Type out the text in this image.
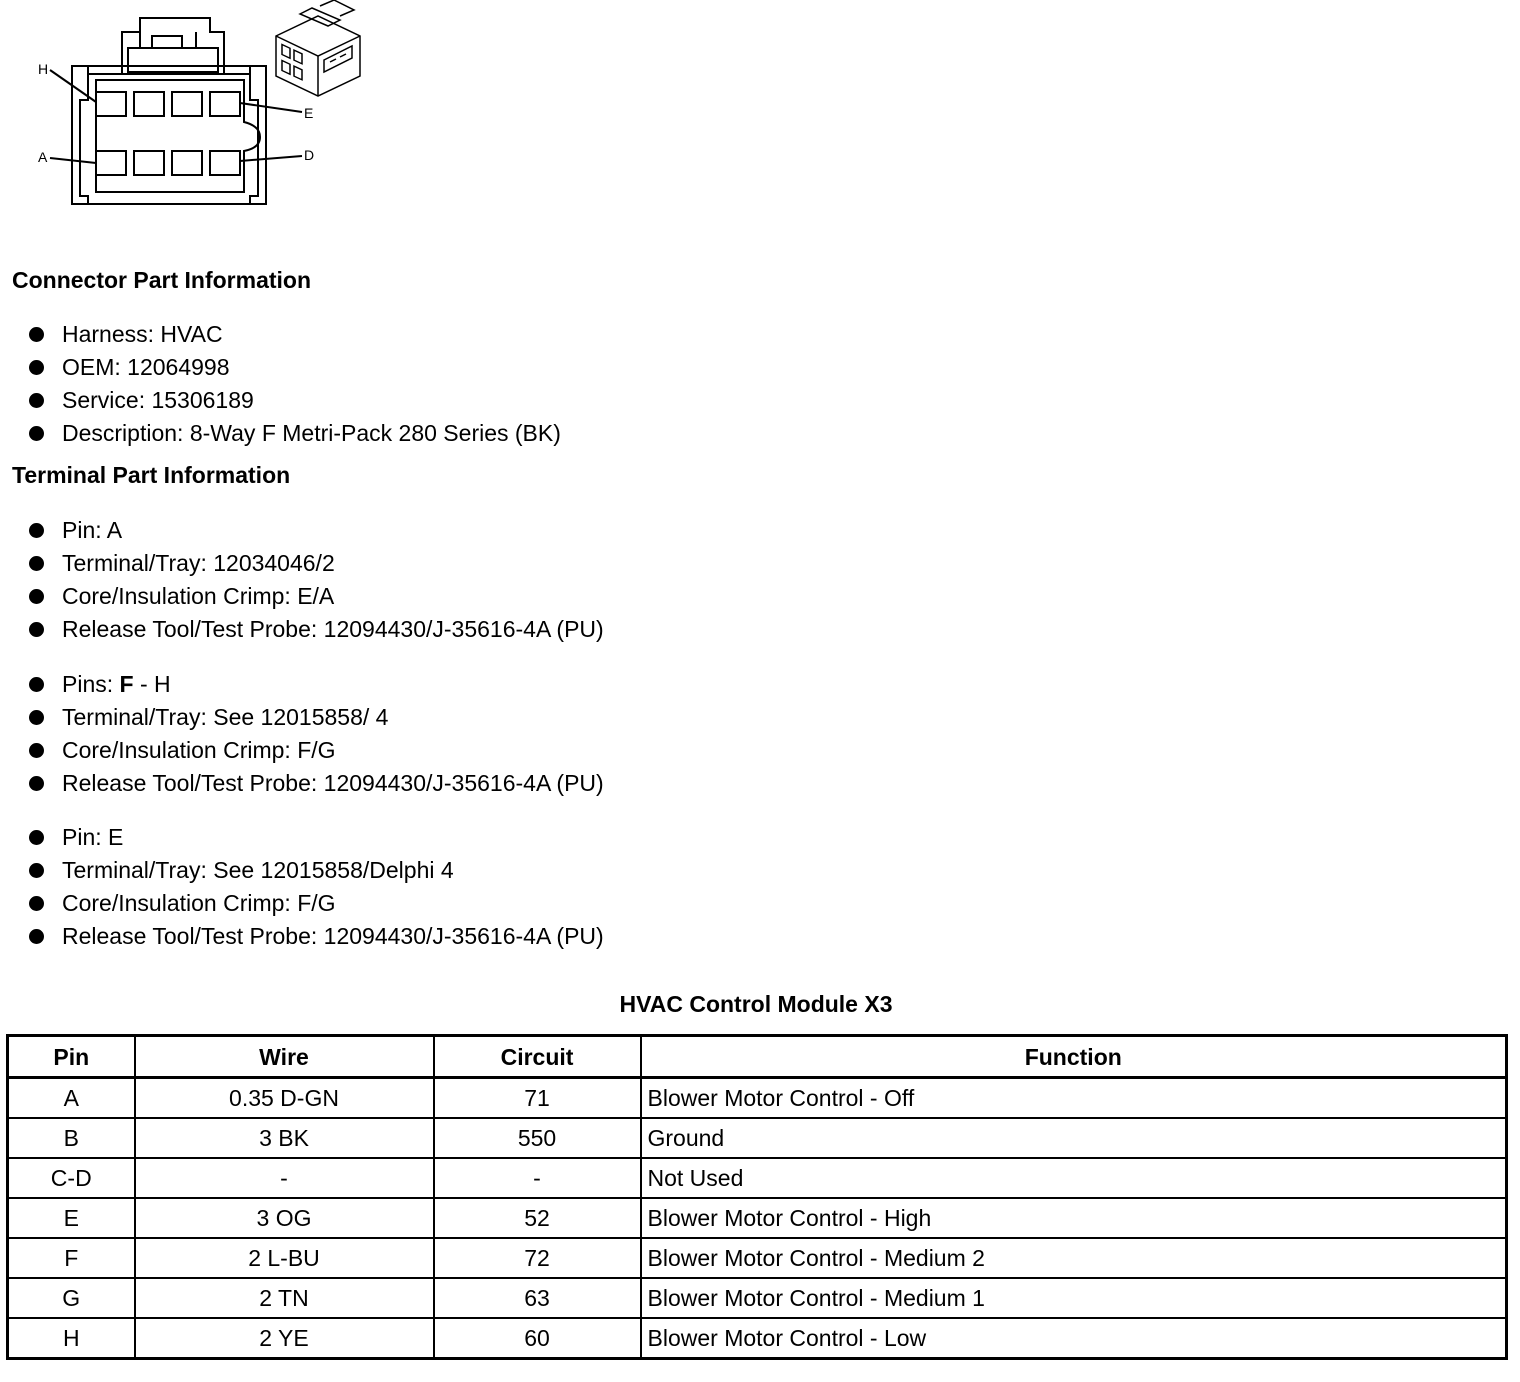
H
A
E
D
Connector Part Information
Harness: HVAC
OEM: 12064998
Service: 15306189
Description: 8-Way F Metri-Pack 280 Series (BK)
Terminal Part Information
Pin: A
Terminal/Tray: 12034046/2
Core/Insulation Crimp: E/A
Release Tool/Test Probe: 12094430/J-35616-4A (PU)
Pins: F - H
Terminal/Tray: See 12015858/ 4
Core/Insulation Crimp: F/G
Release Tool/Test Probe: 12094430/J-35616-4A (PU)
Pin: E
Terminal/Tray: See 12015858/Delphi 4
Core/Insulation Crimp: F/G
Release Tool/Test Probe: 12094430/J-35616-4A (PU)
HVAC Control Module X3
Pin	Wire	Circuit	Function
A	0.35 D-GN	71	Blower Motor Control - Off
B	3 BK	550	Ground
C-D	-	-	Not Used
E	3 OG	52	Blower Motor Control - High
F	2 L-BU	72	Blower Motor Control - Medium 2
G	2 TN	63	Blower Motor Control - Medium 1
H	2 YE	60	Blower Motor Control - Low
